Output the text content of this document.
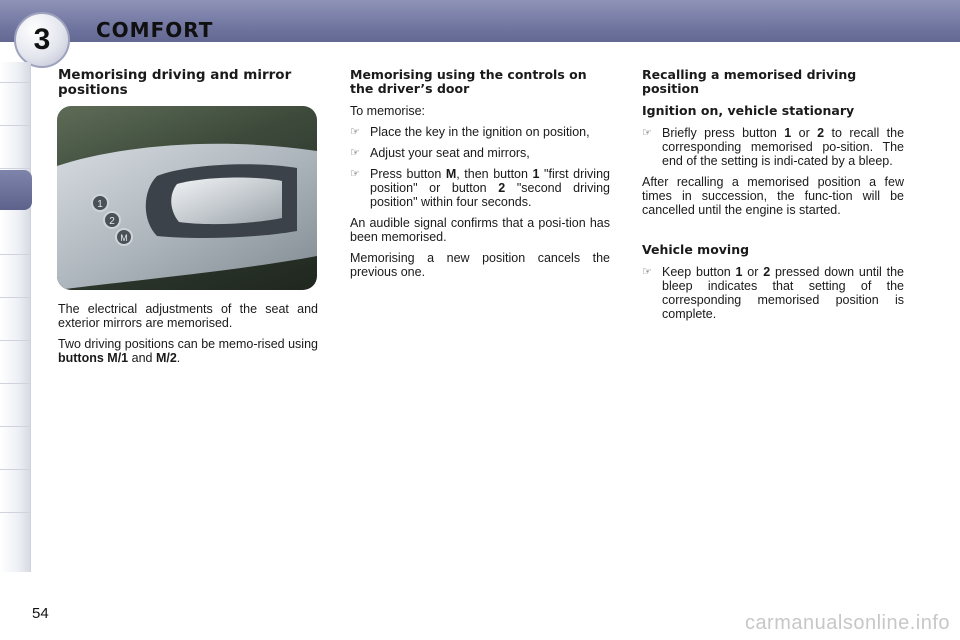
3 COMFORT
Memorising driving and mirror positions
1
2
M

The electrical adjustments of the seat and exterior mirrors are memorised.

Two driving positions can be memo-rised using buttons M/1 and M/2.

Memorising using the controls on the driver’s door

To memorise:

☞ Place the key in the ignition on position,
☞ Adjust your seat and mirrors,
☞ Press button M, then button 1 "first driving position" or button 2 "second driving position" within four seconds.

An audible signal confirms that a posi-tion has been memorised.

Memorising a new position cancels the previous one.

Recalling a memorised driving position
Ignition on, vehicle stationary
☞ Briefly press button 1 or 2 to recall the corresponding memorised po-sition. The end of the setting is indi-cated by a bleep.

After recalling a memorised position a few times in succession, the func-tion will be cancelled until the engine is started.

Vehicle moving
☞ Keep button 1 or 2 pressed down until the bleep indicates that setting of the corresponding memorised position is complete.
54	carmanualsonline.info
